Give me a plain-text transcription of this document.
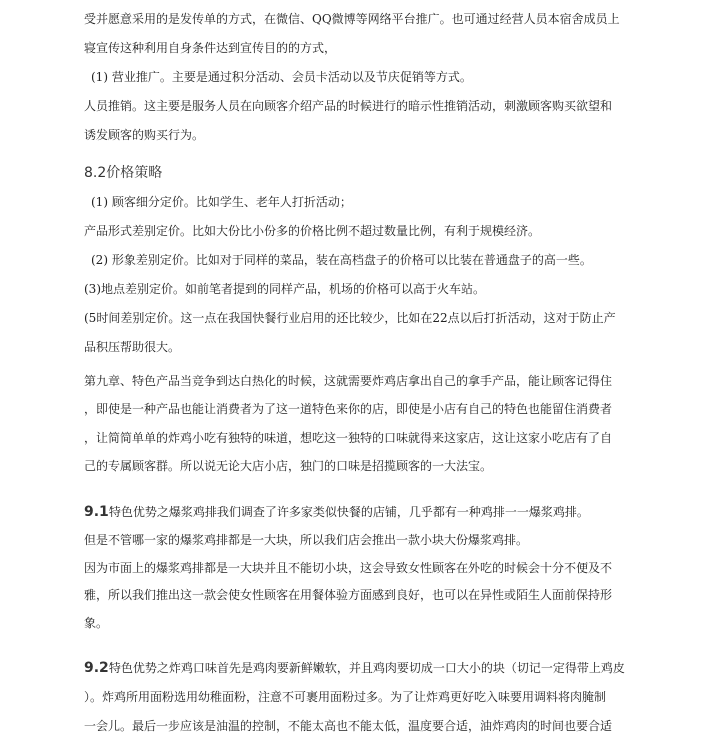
受并愿意采用的是发传单的方式，在微信、QQ微博等网络平台推广。也可通过经营人员本宿舍成员上
寝宣传这种利用自身条件达到宣传目的的方式，
(1) 营业推广。主要是通过积分活动、会员卡活动以及节庆促销等方式。
人员推销。这主要是服务人员在向顾客介绍产品的时候进行的暗示性推销活动，刺激顾客购买欲望和
诱发顾客的购买行为。
8.2价格策略
(1) 顾客细分定价。比如学生、老年人打折活动；
产品形式差别定价。比如大份比小份多的价格比例不超过数量比例，有利于规模经济。
(2) 形象差别定价。比如对于同样的菜品，装在高档盘子的价格可以比装在普通盘子的高一些。
(3)地点差别定价。如前笔者提到的同样产品，机场的价格可以高于火车站。
(5时间差别定价。这一点在我国快餐行业启用的还比较少，比如在22点以后打折活动，这对于防止产
品积压帮助很大。
第九章、特色产品当竞争到达白热化的时候，这就需要炸鸡店拿出自己的拿手产品，能让顾客记得住
，即使是一种产品也能让消费者为了这一道特色来你的店，即使是小店有自己的特色也能留住消费者
，让简简单单的炸鸡小吃有独特的味道，想吃这一独特的口味就得来这家店，这让这家小吃店有了自
己的专属顾客群。所以说无论大店小店，独门的口味是招揽顾客的一大法宝。
9.1特色优势之爆浆鸡排我们调查了许多家类似快餐的店铺，几乎都有一种鸡排一一爆浆鸡排。
但是不管哪一家的爆浆鸡排都是一大块，所以我们店会推出一款小块大份爆浆鸡排。
因为市面上的爆浆鸡排都是一大块并且不能切小块，这会导致女性顾客在外吃的时候会十分不便及不
雅，所以我们推出这一款会使女性顾客在用餐体验方面感到良好，也可以在异性或陌生人面前保持形
象。
9.2特色优势之炸鸡口味首先是鸡肉要新鲜嫩软，并且鸡肉要切成一口大小的块（切记一定得带上鸡皮
）。炸鸡所用面粉选用幼稚面粉，注意不可裹用面粉过多。为了让炸鸡更好吃入味要用调料将肉腌制
一会儿。最后一步应该是油温的控制，不能太高也不能太低，温度要合适，油炸鸡肉的时间也要合适
